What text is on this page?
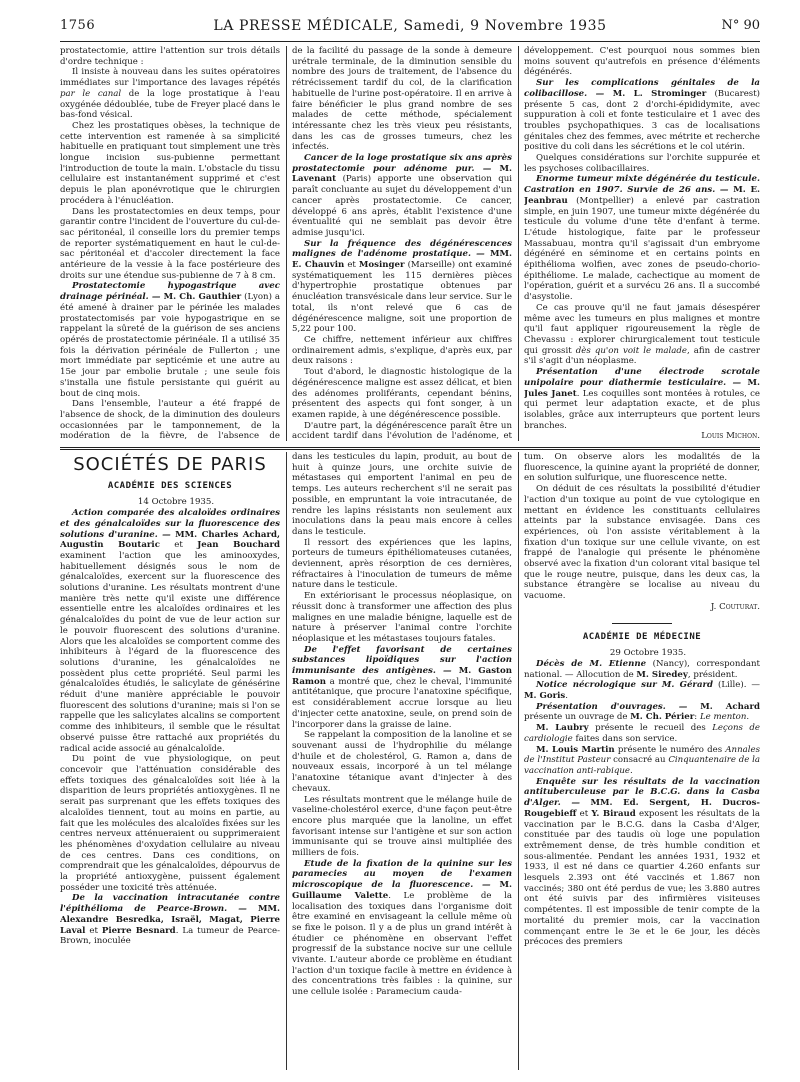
1756	LA PRESSE MÉDICALE, Samedi, 9 Novembre 1935	N° 90

prostatectomie, attire l'attention sur trois détails d'ordre technique :

Il insiste à nouveau dans les suites opératoires immédiates sur l'importance des lavages répétés par le canal de la loge prostatique à l'eau oxygénée dédoublée, tube de Freyer placé dans le bas-fond vésical.

Chez les prostatiques obèses, la technique de cette intervention est ramenée à sa simplicité habituelle en pratiquant tout simplement une très longue incision sus-pubienne permettant l'introduction de toute la main. L'obstacle du tissu cellulaire est instantanément supprimé et c'est depuis le plan aponévrotique que le chirurgien procédera à l'énucléation.

Dans les prostatectomies en deux temps, pour garantir contre l'incident de l'ouverture du cul-de-sac péritonéal, il conseille lors du premier temps de reporter systématiquement en haut le cul-de-sac péritonéal et d'accoler directement la face antérieure de la vessie à la face postérieure des droits sur une étendue sus-pubienne de 7 à 8 cm.

Prostatectomie hypogastrique avec drainage périnéal. — M. Ch. Gauthier (Lyon) a été amené à drainer par le périnée les malades prostatectomisés par voie hypogastrique en se rappelant la sûreté de la guérison de ses anciens opérés de prostatectomie périnéale. Il a utilisé 35 fois la dérivation périnéale de Fullerton ; une mort immédiate par septicémie et une autre au 15e jour par embolie brutale ; une seule fois s'installa une fistule persistante qui guérit au bout de cinq mois.

Dans l'ensemble, l'auteur a été frappé de l'absence de shock, de la diminution des douleurs occasionnées par le tamponnement, de la modération de la fièvre, de l'absence de

de la facilité du passage de la sonde à demeure urétrale terminale, de la diminution sensible du nombre des jours de traitement, de l'absence du rétrécissement tardif du col, de la clarification habituelle de l'urine post-opératoire. Il en arrive à faire bénéficier le plus grand nombre de ses malades de cette méthode, spécialement intéressante chez les très vieux peu résistants, dans les cas de grosses tumeurs, chez les infectés.

Cancer de la loge prostatique six ans après prostatectomie pour adénome pur. — M. Lavenant (Paris) apporte une observation qui paraît concluante au sujet du développement d'un cancer après prostatectomie. Ce cancer, développé 6 ans après, établit l'existence d'une éventualité qui ne semblait pas devoir être admise jusqu'ici.

Sur la fréquence des dégénérescences malignes de l'adénome prostatique. — MM. E. Chauvin et Mosinger (Marseille) ont examiné systématiquement les 115 dernières pièces d'hypertrophie prostatique obtenues par énucléation transvésicale dans leur service. Sur le total, ils n'ont relevé que 6 cas de dégénérescence maligne, soit une proportion de 5,22 pour 100.

Ce chiffre, nettement inférieur aux chiffres ordinairement admis, s'explique, d'après eux, par deux raisons :

Tout d'abord, le diagnostic histologique de la dégénérescence maligne est assez délicat, et bien des adénomes proliférants, cependant bénins, présentent des aspects qui font songer, à un examen rapide, à une dégénérescence possible.

D'autre part, la dégénérescence paraît être un accident tardif dans l'évolution de l'adénome, et

développement. C'est pourquoi nous sommes bien moins souvent qu'autrefois en présence d'éléments dégénérés.

Sur les complications génitales de la colibacillose. — M. L. Strominger (Bucarest) présente 5 cas, dont 2 d'orchi-épididymite, avec suppuration à coli et fonte testiculaire et 1 avec des troubles psychopathiques. 3 cas de localisations génitales chez des femmes, avec métrite et recherche positive du coli dans les sécrétions et le col utérin.

Quelques considérations sur l'orchite suppurée et les psychoses colibacillaires.

Enorme tumeur mixte dégénérée du testicule. Castration en 1907. Survie de 26 ans. — M. E. Jeanbrau (Montpellier) a enlevé par castration simple, en juin 1907, une tumeur mixte dégénérée du testicule du volume d'une tête d'enfant à terme. L'étude histologique, faite par le professeur Massabuau, montra qu'il s'agissait d'un embryome dégénéré en séminome et en certains points en épithélioma wolfien, avec zones de pseudo-chorio-épithéliome. Le malade, cachectique au moment de l'opération, guérit et a survécu 26 ans. Il a succombé d'asystolie.

Ce cas prouve qu'il ne faut jamais désespérer même avec les tumeurs en plus malignes et montre qu'il faut appliquer rigoureusement la règle de Chevassu : explorer chirurgicalement tout testicule qui grossit dès qu'on voit le malade, afin de castrer s'il s'agit d'un néoplasme.

Présentation d'une électrode scrotale unipolaire pour diathermie testiculaire. — M. Jules Janet. Les coquilles sont montées à rotules, ce qui permet leur adaptation exacte, et de plus isolables, grâce aux interrupteurs que portent leurs branches.

Louis Michon.

SOCIÉTÉS DE PARIS
ACADÉMIE DES SCIENCES

14 Octobre 1935.

Action comparée des alcaloïdes ordinaires et des génalcaloïdes sur la fluorescence des solutions d'uranine. — MM. Charles Achard, Augustin Boutaric et Jean Bouchard examinent l'action que les aminooxydes, habituellement désignés sous le nom de génalcaloïdes, exercent sur la fluorescence des solutions d'uranine. Les résultats montrent d'une manière très nette qu'il existe une différence essentielle entre les alcaloïdes ordinaires et les génalcaloïdes du point de vue de leur action sur le pouvoir fluorescent des solutions d'uranine. Alors que les alcaloïdes se comportent comme des inhibiteurs à l'égard de la fluorescence des solutions d'uranine, les génalcaloïdes ne possèdent plus cette propriété. Seul parmi les génalcaloïdes étudiés, le salicylate de génésérine réduit d'une manière appréciable le pouvoir fluorescent des solutions d'uranine; mais si l'on se rappelle que les salicylates alcalins se comportent comme des inhibiteurs, il semble que le résultat observé puisse être rattaché aux propriétés du radical acide associé au génalcaloïde.

Du point de vue physiologique, on peut concevoir que l'atténuation considérable des effets toxiques des génalcaloïdes soit liée à la disparition de leurs propriétés antioxygènes. Il ne serait pas surprenant que les effets toxiques des alcaloïdes tiennent, tout au moins en partie, au fait que les molécules des alcaloïdes fixées sur les centres nerveux atténueraient ou supprimeraient les phénomènes d'oxydation cellulaire au niveau de ces centres. Dans ces conditions, on comprendrait que les génalcaloïdes, dépourvus de la propriété antioxygène, puissent également posséder une toxicité très atténuée.

De la vaccination intracutanée contre l'épithélioma de Pearce-Brown. — MM. Alexandre Besredka, Israël, Magat, Pierre Laval et Pierre Besnard. La tumeur de Pearce-Brown, inoculée

dans les testicules du lapin, produit, au bout de huit à quinze jours, une orchite suivie de métastases qui emportent l'animal en peu de temps. Les auteurs recherchent s'il ne serait pas possible, en empruntant la voie intracutanée, de rendre les lapins résistants non seulement aux inoculations dans la peau mais encore à celles dans le testicule.

Il ressort des expériences que les lapins, porteurs de tumeurs épithéliomateuses cutanées, deviennent, après résorption de ces dernières, réfractaires à l'inoculation de tumeurs de même nature dans le testicule.

En extériorisant le processus néoplasique, on réussit donc à transformer une affection des plus malignes en une maladie bénigne, laquelle est de nature à préserver l'animal contre l'orchite néoplasique et les métastases toujours fatales.

De l'effet favorisant de certaines substances lipoïdiques sur l'action immunisante des antigènes. — M. Gaston Ramon a montré que, chez le cheval, l'immunité antitétanique, que procure l'anatoxine spécifique, est considérablement accrue lorsque au lieu d'injecter cette anatoxine, seule, on prend soin de l'incorporer dans la graisse de laine.

Se rappelant la composition de la lanoline et se souvenant aussi de l'hydrophilie du mélange d'huile et de cholestérol, G. Ramon a, dans de nouveaux essais, incorporé à un tel mélange l'anatoxine tétanique avant d'injecter à des chevaux.

Les résultats montrent que le mélange huile de vaseline-cholestérol exerce, d'une façon peut-être encore plus marquée que la lanoline, un effet favorisant intense sur l'antigène et sur son action immunisante qui se trouve ainsi multipliée des milliers de fois.

Etude de la fixation de la quinine sur les paramecies au moyen de l'examen microscopique de la fluorescence. — M. Guillaume Valette. Le problème de la localisation des toxiques dans l'organisme doit être examiné en envisageant la cellule même où se fixe le poison. Il y a de plus un grand intérêt à étudier ce phénomène en observant l'effet progressif de la substance nocive sur une cellule vivante. L'auteur aborde ce problème en étudiant l'action d'un toxique facile à mettre en évidence à des concentrations très faibles : la quinine, sur une cellule isolée : Paramecium cauda-

tum. On observe alors les modalités de la fluorescence, la quinine ayant la propriété de donner, en solution sulfurique, une fluorescence nette.

On déduit de ces résultats la possibilité d'étudier l'action d'un toxique au point de vue cytologique en mettant en évidence les constituants cellulaires atteints par la substance envisagée. Dans ces expériences, où l'on assiste véritablement à la fixation d'un toxique sur une cellule vivante, on est frappé de l'analogie qui présente le phénomène observé avec la fixation d'un colorant vital basique tel que le rouge neutre, puisque, dans les deux cas, la substance étrangère se localise au niveau du vacuome.

J. Couturat.

ACADÉMIE DE MÉDECINE

29 Octobre 1935.

Décès de M. Etienne (Nancy), correspondant national. — Allocution de M. Siredey, président.

Notice nécrologique sur M. Gérard (Lille). — M. Goris.

Présentation d'ouvrages. — M. Achard présente un ouvrage de M. Ch. Périer: Le menton.

M. Laubry présente le recueil des Leçons de cardiologie faites dans son service.

M. Louis Martin présente le numéro des Annales de l'Institut Pasteur consacré au Cinquantenaire de la vaccination anti-rabique.

Enquête sur les résultats de la vaccination antituberculeuse par le B.C.G. dans la Casba d'Alger. — MM. Ed. Sergent, H. Ducros-Rougebieff et Y. Biraud exposent les résultats de la vaccination par le B.C.G. dans la Casba d'Alger, constituée par des taudis où loge une population extrêmement dense, de très humble condition et sous-alimentée. Pendant les années 1931, 1932 et 1933, il est né dans ce quartier 4.260 enfants sur lesquels 2.393 ont été vaccinés et 1.867 non vaccinés; 380 ont été perdus de vue; les 3.880 autres ont été suivis par des infirmières visiteuses compétentes. Il est impossible de tenir compte de la mortalité du premier mois, car la vaccination commençant entre le 3e et le 6e jour, les décès précoces des premiers
